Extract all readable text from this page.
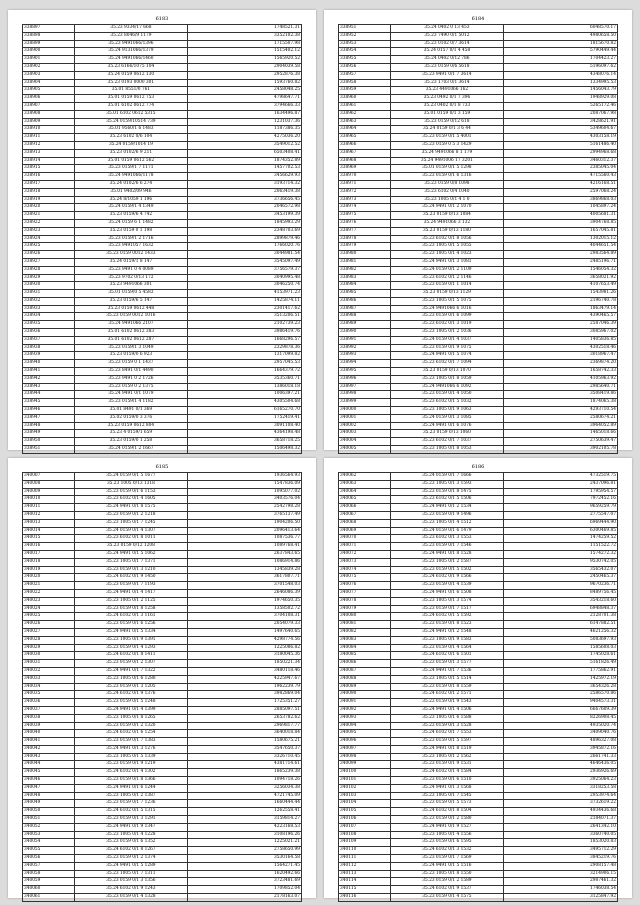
6183
338897	35.23 9334/17 668	1748521.31
338898	35.23 8046/9 1179	3352102.38
338899	35.23 9491066/1396	1715507.98
338900	35.24 9131066/1379	1515402.12
338901	35.24 9491066/1460	1565920.52
338902	35.23 6166/1075 104	2904039.58
338903	35.24 0159 0612 130	2952876.38
338904	35.23 0193 0000 301	1593760.82
338905	35.01 8551/0 761	2458048.25
338906	35.01 0159 0612 753	4798647.71
338907	35.01 6102 0612 774	3794666.33
338908	35.01 6102 0612 5315	1634496.87
338909	35.24 0159/10514 739	1231037.36
338910	35.01 9560/1 6 1483	1187386.35
338911	35.23 6102 0/6 104	4275036.20
338912	35.24 0159/1014 19	3549012.52
338913	35.23 0102/6 9 211	6503408.41
338914	35.01 0159 0612 562	1874352.89
338915	35.23 0159/1 7 1171	1457702.53
338916	35.24 9491066/1178	3456629.93
338917	35.24 0102/6 6 274	3193714.32
338918	35.01 9402/09 946	2063419.38
338919	35.24 8/1059 1 196	3736656.45
338920	35.24 0159/1 4 1349	2046572.98
338921	35.23 0159/6 4 742	3453199.39
338922	35.24 0159 6 1 1482	1845993.29
338923	35.23 0159 0 1 198	2348703.69
338924	35.23 0159/1 2 1716	2899879.46
338925	35.23 9491057 1632	1766020.76
338926	35.23 0159 0012 1433	3044981.54
338927	35.24 0159/1 8 147	3545097.49
338928	35.23 9491 0 4 0089	3756579.37
338929	35.23 9702 0/13 172	3040995.48
338930	35.23 9491066 301	3046250.74
338931	35.01 0159/0 5 4583	4153971.23
338932	35.23 0159/6 5 147	1425874.11
338933	35.23 0159 0612 448	2301417.62
338934	35.23 0159 0012 1016	3513206.51
338935	35.24 9491066 2107	2102739.23
338936	35.01 6102 0612 383	3986419.76
338937	35.01 6102 0612 287	1668296.57
338938	35.23 0159/1 3 1049	2329878.36
338939	35.23 0159/0 6 923	1317099.82
338940	35.23 0159 0 1 1437	2957045.53
338941	35.23 8491 0/1 4490	1664379.72
338942	35.23 9491 0 2 1726	3535360.71
338943	35.23 0159 0 2 1375	1386018.18
338944	35.24 9491 0/1 1079	1006397.21
338945	35.23 0159/1 4 1182	4305504.68
338946	35.01 8491 0/1 369	6165270.70
338947	35.02 0159/0 3 376	1752419.41
338948	35.23 0159 0612 804	3091108.40
338949	35.23 4 0159/1 659	4364198.48
338950	35.23 0159/0 1 258	3658718.25
338951	35.24 0159/1 2 1667	1506498.32
6184
338951	35.24 0402 0 13 453	6048570.17
338952	35.23 7490 0/1 5012	4980658.50
338953	35.23 0102 0/7 3614	1815670.82
338954	35.24 0157 0/1 4 458	5790449.44
338955	35.24 0402 0/12 786	1704423.27
338956	35.23 0159 0/6 5618	5196097.62
338957	35.23 9491 0/1 7 3614	4348076.14
338958	35.23 1703 0/1 3614	1334995.53
338959	35.23 4491066 162	1456043.79
338960	35.23 0492 0/1 7 396	1948929.08
338961	35.23 0402 0/1 8 733	5265172.46
338962	35.01 0159 0/1 3 159	2087067.98
338963	35.23 0159 0/12 618	3428621.91
338964	35.24 0159 0/1 3 6 44	5349604.67
338965	35.23 0159 0/1 5 4001	4303158.19
338966	35.23 0159 0 5 3 1429	5161486.40
338967	35.24 9491066 8 1 179	2994968.68
338968	35.24 9491006 17 3201	3460312.37
338969	35.01 0159 0/1 5 1298	2385045.04
338970	35.23 0159 0/1 6 1316	4715560.43
338971	35.23 0159 0/8 1098	4216168.51
338972	35.23 6102 0/4 1040	2597068.24
338973	35.23 1005 0/1 4 1 0	3869868.03
338974	35.24 9491 0/1 2 1070	1045897.24
338975	35.23 0159 0/13 1084	4005681.31
338976	35.24 9491066 3 132	3904768.85
338977	35.23 0159 0/13 1180	1657045.81
338978	35.23 6102 0/1 8 1056	1302015.12
338979	35.23 1005 0/1 5 1055	4044651.54
338980	35.23 1005 0/1 4 1023	2983564.89
338981	35.24 9491 0/1 3 1081	2485196.71
338982	35.24 0159 0/1 2 1109	1546054.32
338983	35.23 6102 0/1 2 1146	3658021.92
338984	35.23 0159 0/1 1 1014	4107653.49
338985	35.23 0159 0/13 1129	1543981.26
338986	35.23 1005 0/1 5 1075	2196740.78
338987	35.24 9491066 6 1016	1863479.14
338988	35.23 0159 0/1 6 1099	4390465.57
338989	35.23 6102 0/1 3 1019	2587046.39
338990	35.23 1005 0/1 2 1036	3085967.02
338991	35.24 0159 0/1 4 1037	1405836.85
338992	35.23 0159 0/1 9 1075	4302518.46
338993	35.24 9491 0/1 5 1074	3018967.47
338994	35.23 6102 0/1 7 1094	2369874.20
338995	35.23 0159 0/13 1070	1658742.33
338996	35.23 1005 0/1 8 1059	4105963.92
338997	35.24 9491066 6 1092	2985640.71
338998	35.23 0159 0/1 4 1050	3508419.86
338999	35.23 6102 0/1 5 1032	1874065.38
340000	35.23 1005 0/1 9 1063	4293710.54
340001	35.24 0159 0/1 3 1085	2580674.21
340002	35.24 9491 0/1 6 1076	3964052.89
340003	35.23 0159 0/13 1060	1465018.66
340004	35.23 6102 0/1 7 1037	2750639.47
340005	35.23 1005 0/1 8 1053	3902105.78
6185
340007	35.24 0159 0/1 5 1677	1936564.93
340008	35.23 1005 0/13 1318	1547836.09
340009	35.23 0159 0/1 6 1153	1095077.02
340010	35.23 6102 0/1 4 1605	3403576.04
340011	35.24 9491 0/1 8 1575	2542798.28
340012	35.23 0159 0/1 2 1218	3765137.49
340013	35.23 1005 0/1 7 1245	1904206.50
340014	35.24 0159 0/1 4 1307	2096413.64
340015	35.23 6102 0/1 8 1011	1087536.77
340016	35.23 0159 0/12 1208	1089768.41
340017	35.24 9491 0/1 5 1062	2637843.65
340018	35.23 1005 0/1 7 1371	1086914.86
340019	35.23 0159 0/1 3 1210	1345839.28
340020	35.24 6102 0/1 9 1450	3617807.71
340021	35.23 0159 0/1 7 1193	3701548.03
340022	35.24 9491 0/1 4 1417	2646086.39
340023	35.23 1005 0/1 2 1125	1974650.35
340024	35.23 0159 0/1 8 1258	1358502.72
340025	35.24 6102 0/1 3 1161	3704108.31
340026	35.23 0159 0/1 6 1256	2054079.33
340027	35.24 9491 0/1 5 1334	1497640.65
340028	35.23 1005 0/1 9 1391	4298774.56
340029	35.23 0159 0/1 4 1293	1225086.82
340030	35.24 6102 0/1 8 1411	3180045.36
340031	35.23 0159 0/1 2 1307	1850221.34
340032	35.24 9491 0/1 7 1322	3480118.46
340033	35.23 1005 0/1 6 1280	4225947.67
340034	35.23 0159 0/1 3 1205	1962239.79
340035	35.24 6102 0/1 9 1376	3982869.04
340036	35.23 0159 0/1 5 1248	1725351.27
340037	35.24 9491 0/1 4 1399	2885097.51
340038	35.23 1005 0/1 8 1265	2653782.62
340039	35.23 0159 0/1 2 1320	2969817.77
340040	35.24 6102 0/1 6 1254	3640018.84
340041	35.23 0159 0/1 7 1383	1580675.21
340042	35.24 9491 0/1 3 1276	3547650.37
340043	35.23 1005 0/1 5 1339	3326710.45
340044	35.23 0159 0/1 9 1219	4381714.61
340045	35.24 6102 0/1 4 1302	1865239.38
340046	35.23 0159 0/1 8 1366	1094718.26
340047	35.24 9491 0/1 6 1244	3256034.38
340048	35.23 1005 0/1 2 1387	4721745.09
340049	35.23 0159 0/1 7 1236	1660444.44
340050	35.24 6102 0/1 5 1315	1262558.41
340051	35.23 0159 0/1 3 1291	3159814.27
340052	35.24 9491 0/1 9 1347	4223168.53
340053	35.23 1005 0/1 4 1228	3108196.26
340054	35.23 0159 0/1 6 1352	1225021.21
340055	35.24 6102 0/1 8 1267	2758650.99
340056	35.23 0159 0/1 2 1374	3530164.58
340057	35.24 9491 0/1 5 1289	1564271.45
340058	35.23 1005 0/1 7 1311	1620492.66
340059	35.23 0159 0/1 3 1356	3723481.69
340060	35.24 6102 0/1 9 1243	1709852.04
340061	35.23 0159 0/1 4 1328	2178163.07
6186
340062	35.24 0159 0/1 7 1666	4732519.75
340063	35.23 1005 0/1 3 1593	2437096.81
340064	35.23 0159 0/1 8 1475	1795954.57
340065	35.23 6102 0/1 5 1506	7972452.16
340066	35.24 9491 0/1 2 1534	9659259.79
340067	35.23 0159 0/1 9 1496	2775547.07
340068	35.23 1005 0/1 4 1512	6969444.90
340069	35.24 0159 0/1 6 1479	6300469.85
340070	35.23 6102 0/1 3 1553	1474259.52
340071	35.23 0159 0/1 7 1546	1151522.72
340072	35.24 9491 0/1 8 1528	1574272.32
340073	35.23 1005 0/1 2 1587	9530742.05
340074	35.23 0159 0/1 5 1502	3565432.07
340075	35.24 6102 0/1 9 1566	2450465.37
340076	35.23 0159 0/1 4 1539	9670236.71
340077	35.24 9491 0/1 6 1508	8489756.45
340078	35.23 1005 0/1 3 1574	3543218.60
340079	35.23 0159 0/1 7 1517	6948848.37
340080	35.24 6102 0/1 5 1592	2128701.38
340081	35.23 0159 0/1 8 1523	6147882.51
340082	35.24 9491 0/1 2 1548	4621256.32
340083	35.23 1005 0/1 9 1583	5083697.93
340084	35.23 0159 0/1 4 1564	1585608.03
340085	35.24 6102 0/1 6 1501	1745028.61
340086	35.23 0159 0/1 3 1577	5161826.49
340087	35.24 9491 0/1 7 1536	1775862.91
340088	35.23 1005 0/1 5 1514	1425972.19
340089	35.23 0159 0/1 8 1559	3654326.28
340090	35.24 6102 0/1 2 1571	2586570.86
340091	35.23 0159 0/1 9 1543	9404573.31
340092	35.24 9491 0/1 4 1506	6667609.39
340093	35.23 1005 0/1 6 1588	8226908.45
340094	35.23 0159 0/1 3 1528	4935020.74
340095	35.24 6102 0/1 7 1553	3409040.76
340096	35.23 0159 0/1 5 1597	4896327.08
340097	35.24 9491 0/1 8 1519	3945872.16
340098	35.23 1005 0/1 2 1562	2661741.33
340099	35.23 0159 0/1 9 1531	4646436.05
340100	35.24 6102 0/1 4 1584	2936926.69
340101	35.23 0159 0/1 6 1510	3925064.23
340102	35.24 9491 0/1 3 1568	3318253.58
340103	35.23 1005 0/1 7 1545	2953974.64
340104	35.23 0159 0/1 5 1573	3732619.22
340105	35.24 6102 0/1 8 1504	4934436.68
340106	35.23 0159 0/1 2 1580	2184071.37
340107	35.24 9491 0/1 9 1527	2641342.10
340108	35.23 1005 0/1 4 1556	3360740.05
340109	35.23 0159 0/1 6 1595	1853020.83
340110	35.24 6102 0/1 3 1532	3495712.29
340111	35.23 0159 0/1 7 1569	3845219.76
340112	35.24 9491 0/1 5 1516	2908157.48
340113	35.23 1005 0/1 8 1550	3214906.15
340114	35.23 0159 0/1 2 1589	2987461.32
340115	35.24 6102 0/1 9 1537	1746038.54
340116	35.23 0159 0/1 4 1575	3125847.92
